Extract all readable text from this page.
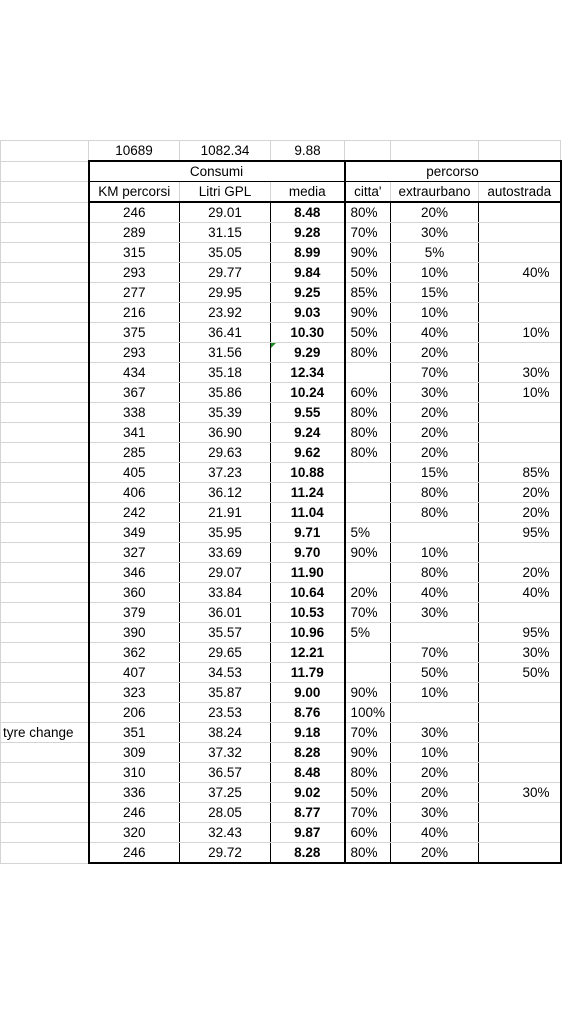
	10689	1082.34	9.88			
	Consumi			percorso		
	KM percorsi	Litri GPL	media	citta'	extraurbano	autostrada
	246	29.01	8.48	80%	20%	
	289	31.15	9.28	70%	30%	
	315	35.05	8.99	90%	5%	
	293	29.77	9.84	50%	10%	40%
	277	29.95	9.25	85%	15%	
	216	23.92	9.03	90%	10%	
	375	36.41	10.30	50%	40%	10%
	293	31.56	9.29	80%	20%	
	434	35.18	12.34		70%	30%
	367	35.86	10.24	60%	30%	10%
	338	35.39	9.55	80%	20%	
	341	36.90	9.24	80%	20%	
	285	29.63	9.62	80%	20%	
	405	37.23	10.88		15%	85%
	406	36.12	11.24		80%	20%
	242	21.91	11.04		80%	20%
	349	35.95	9.71	5%		95%
	327	33.69	9.70	90%	10%	
	346	29.07	11.90		80%	20%
	360	33.84	10.64	20%	40%	40%
	379	36.01	10.53	70%	30%	
	390	35.57	10.96	5%		95%
	362	29.65	12.21		70%	30%
	407	34.53	11.79		50%	50%
	323	35.87	9.00	90%	10%	
	206	23.53	8.76	100%		
tyre change	351	38.24	9.18	70%	30%	
	309	37.32	8.28	90%	10%	
	310	36.57	8.48	80%	20%	
	336	37.25	9.02	50%	20%	30%
	246	28.05	8.77	70%	30%	
	320	32.43	9.87	60%	40%	
	246	29.72	8.28	80%	20%	
